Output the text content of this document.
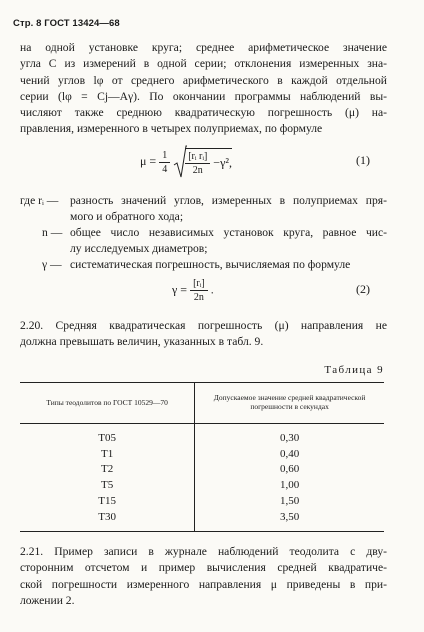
Стр. 8 ГОСТ 13424—68
на одной установке круга; среднее арифметическое значение
угла C из измерений в одной серии; отклонения измеренных зна-
чений углов lφ от среднего арифметического в каждой отдельной
серии (lφ = Cj—Aγ). По окончании программы наблюдений вы-
числяют также среднюю квадратическую погрешность (μ) на-
правления, измеренного в четырех полуприемах, по формуле
$\mu = \frac{1}{4}$
$\frac{\text{[rᵢ rᵢ]}}{2n} -\gamma^2$,	(1)
где rᵢ — разность значений углов, измеренных в полуприемах пря-
мого и обратного хода;
n — общее число независимых установок круга, равное чис-
лу исследуемых диаметров;
γ — систематическая погрешность, вычисляемая по формуле
$\gamma = \frac{\text{[rᵢ]}}{2n}$ .	(2)
2.20. Средняя квадратическая погрешность (μ) направления не
должна превышать величин, указанных в табл. 9.
Таблица 9
Типы теодолитов по ГОСТ 10529—70	Допускаемое значение средней квадратической погрешности в секундах
Т05	0,30
Т1	0,40
Т2	0,60
Т5	1,00
Т15	1,50
Т30	3,50
2.21. Пример записи в журнале наблюдений теодолита с дву-
сторонним отсчетом и пример вычисления средней квадратиче-
ской погрешности измеренного направления μ приведены в при-
ложении 2.
